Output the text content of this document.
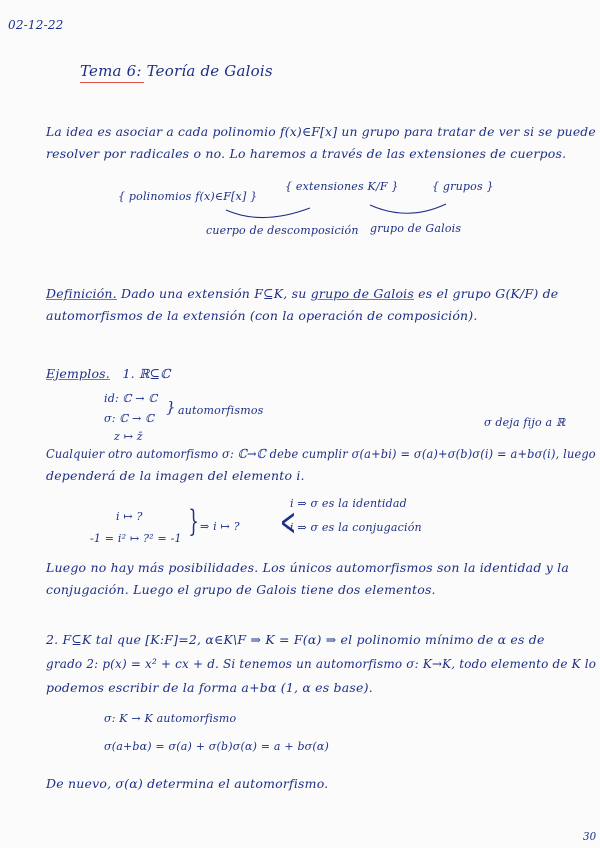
02-12-22
Tema 6: Teoría de Galois
La idea es asociar a cada polinomio f(x)∈F[x] un grupo para tratar de ver si se puede
resolver por radicales o no. Lo haremos a través de las extensiones de cuerpos.
{ polinomios f(x)∈F[x] }
{ extensiones K/F }	{ grupos }
cuerpo de descomposición grupo de Galois
Definición. Dado una extensión F⊆K, su grupo de Galois es el grupo G(K/F) de
automorfismos de la extensión (con la operación de composición).
Ejemplos. 1. ℝ⊆ℂ
id: ℂ → ℂ
σ: ℂ → ℂ
z ↦ z̄
} automorfismos
σ deja fijo a ℝ
Cualquier otro automorfismo σ: ℂ→ℂ debe cumplir σ(a+bi) = σ(a)+σ(b)σ(i) = a+bσ(i), luego
dependerá de la imagen del elemento i.
i ↦ ?
-1 = i² ↦ ?² = -1 } ⇒ i ↦ ? <
i ⇒ σ es la identidad
-i ⇒ σ es la conjugación
Luego no hay más posibilidades. Los únicos automorfismos son la identidad y la
conjugación. Luego el grupo de Galois tiene dos elementos.
2. F⊆K tal que [K:F]=2, α∈K\F ⇒ K = F(α) ⇒ el polinomio mínimo de α es de
grado 2: p(x) = x² + cx + d. Si tenemos un automorfismo σ: K→K, todo elemento de K lo
podemos escribir de la forma a+bα (1, α es base).
σ: K → K automorfismo
σ(a+bα) = σ(a) + σ(b)σ(α) = a + bσ(α)
De nuevo, σ(α) determina el automorfismo.
30
